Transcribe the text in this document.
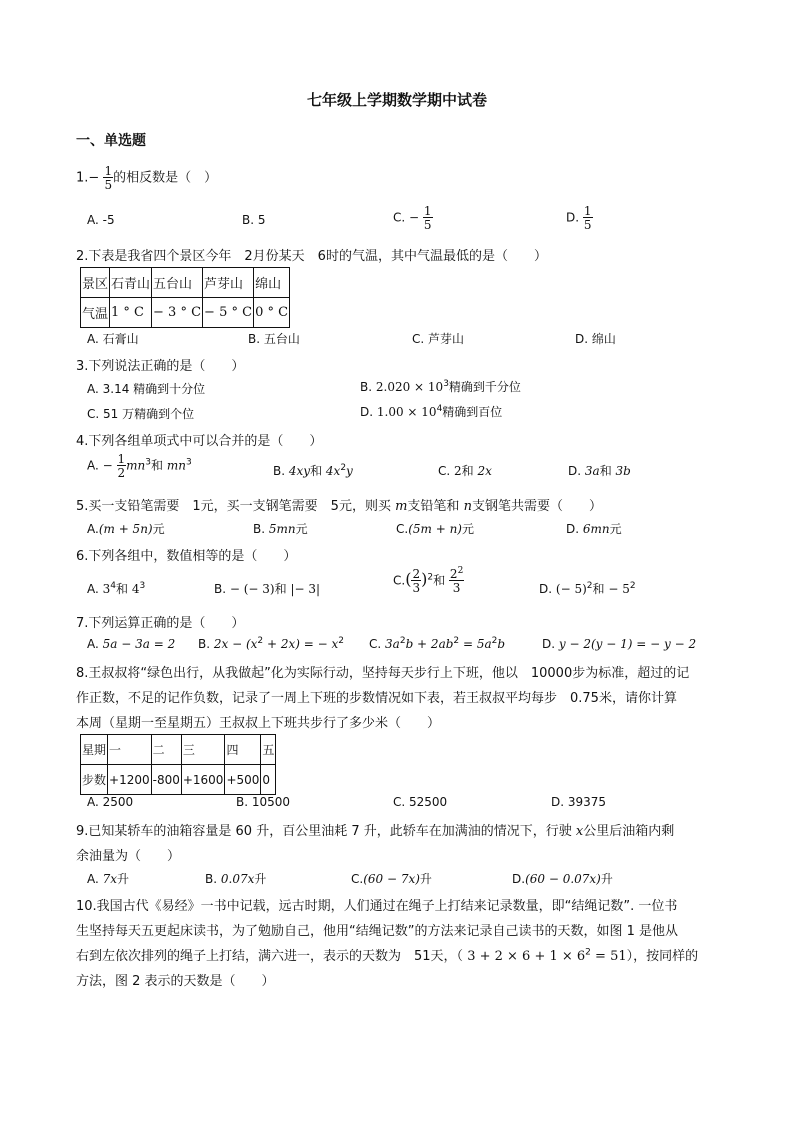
七年级上学期数学期中试卷
一、单选题
$1.- \frac{1}{5}$ 的相反数是（　）
A. -5	B. 5	C. − $\frac{1}{5}$	D. $\frac{1}{5}$
2.下表是我省四个景区今年　2月份某天　6时的气温，其中气温最低的是（　　）
景区	石青山	五台山	芦芽山	绵山
气温	1 ° C	− 3 ° C	− 5 ° C	0 ° C
A. 石膏山	B. 五台山	C. 芦芽山	D. 绵山
3.下列说法正确的是（　　）
A. 3.14 精确到十分位	B. $2.020 \times 10^3$精确到千分位
C. 51 万精确到个位	D. $1.00 \times 10^4$精确到百位
4.下列各组单项式中可以合并的是（　　）
A. − $\frac{1}{2} mn^3$和 $mn^3$
B. 4xy和 $4x^2y$	C. 2和 2x	D. 3a和 3b
5.买一支铅笔需要　1元，买一支钢笔需要　5元，则买 m支铅笔和 n支钢笔共需要（　　）
A.(m + 5n)元	B. 5mn元	C.(5m + n)元	D. 6mn元
6.下列各组中，数值相等的是（　　）
A. $3^4$和 $4^3$	B. − (− 3)和 |− 3|
$C.( \frac{2}{3} )^2$和 $\frac{2^2}{3}$	D. (− 5)$^2$和 − $5^2$
7.下列运算正确的是（　　）
A. 5a − 3a = 2 B. $2x - (x^2 + 2x)$ = − $x^2$ C. $3a^2b + 2ab^2 = 5a^2b$	D. y − 2(y − 1) = − y − 2
8.王叔叔将“绿色出行，从我做起”化为实际行动，坚持每天步行上下班，他以　10000步为标准，超过的记
作正数，不足的记作负数，记录了一周上下班的步数情况如下表，若王叔叔平均每步　0.75米，请你计算
本周（星期一至星期五）王叔叔上下班共步行了多少米（　　）
星期	一	二	三	四	五
步数	+1200	-800	+1600	+500	0
A. 2500	B. 10500	C. 52500	D. 39375
9.已知某轿车的油箱容量是 60 升，百公里油耗 7 升，此轿车在加满油的情况下，行驶 x公里后油箱内剩
余油量为（　　）
A. 7x升	B. 0.07x升	C.(60 − 7x)升	D.(60 − 0.07x)升
10.我国古代《易经》一书中记载，远古时期，人们通过在绳子上打结来记录数量，即“结绳记数”. 一位书
生坚持每天五更起床读书，为了勉励自己，他用“结绳记数”的方法来记录自己读书的天数，如图 1 是他从
右到左依次排列的绳子上打结，满六进一，表示的天数为　51天，（ $3 + 2 \times 6 + 1 \times 6^2 = 51$），按同样的
方法，图 2 表示的天数是（　　）
